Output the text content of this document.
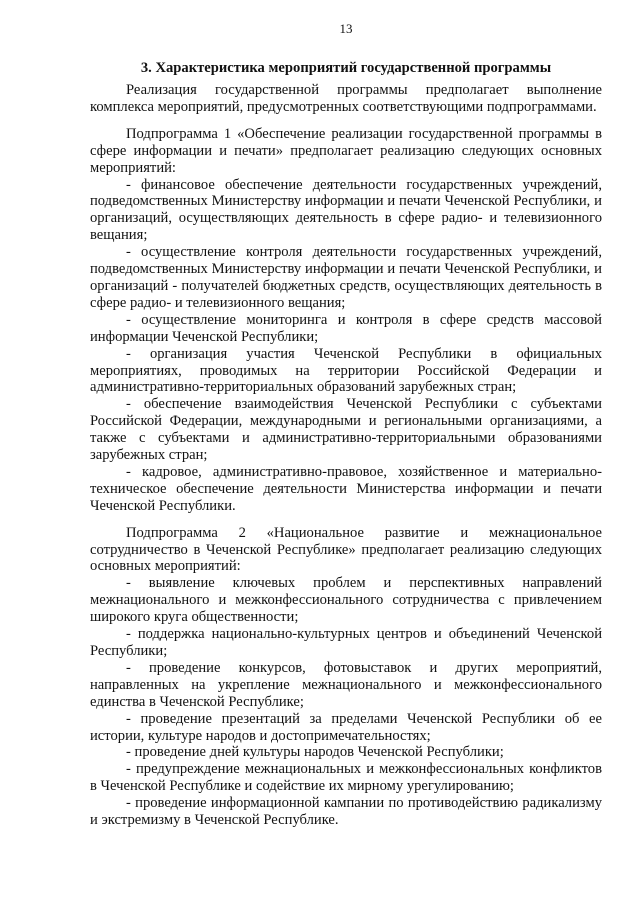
13
3. Характеристика мероприятий государственной программы

Реализация государственной программы предполагает выполнение комплекса мероприятий, предусмотренных соответствующими подпрограммами.

Подпрограмма 1 «Обеспечение реализации государственной программы в сфере информации и печати» предполагает реализацию следующих основных мероприятий:

- финансовое обеспечение деятельности государственных учреждений, подведомственных Министерству информации и печати Чеченской Республики, и организаций, осуществляющих деятельность в сфере радио- и телевизионного вещания;

- осуществление контроля деятельности государственных учреждений, подведомственных Министерству информации и печати Чеченской Республики, и организаций - получателей бюджетных средств, осуществляющих деятельность в сфере радио- и телевизионного вещания;

- осуществление мониторинга и контроля в сфере средств массовой информации Чеченской Республики;

- организация участия Чеченской Республики в официальных мероприятиях, проводимых на территории Российской Федерации и административно-территориальных образований зарубежных стран;

- обеспечение взаимодействия Чеченской Республики с субъектами Российской Федерации, международными и региональными организациями, а также с субъектами и административно-территориальными образованиями зарубежных стран;

- кадровое, административно-правовое, хозяйственное и материально-техническое обеспечение деятельности Министерства информации и печати Чеченской Республики.

Подпрограмма 2 «Национальное развитие и межнациональное сотрудничество в Чеченской Республике» предполагает реализацию следующих основных мероприятий:

- выявление ключевых проблем и перспективных направлений межнационального и межконфессионального сотрудничества с привлечением широкого круга общественности;

- поддержка национально-культурных центров и объединений Чеченской Республики;

- проведение конкурсов, фотовыставок и других мероприятий, направленных на укрепление межнационального и межконфессионального единства в Чеченской Республике;

- проведение презентаций за пределами Чеченской Республики об ее истории, культуре народов и достопримечательностях;

- проведение дней культуры народов Чеченской Республики;

- предупреждение межнациональных и межконфессиональных конфликтов в Чеченской Республике и содействие их мирному урегулированию;

- проведение информационной кампании по противодействию радикализму и экстремизму в Чеченской Республике.
